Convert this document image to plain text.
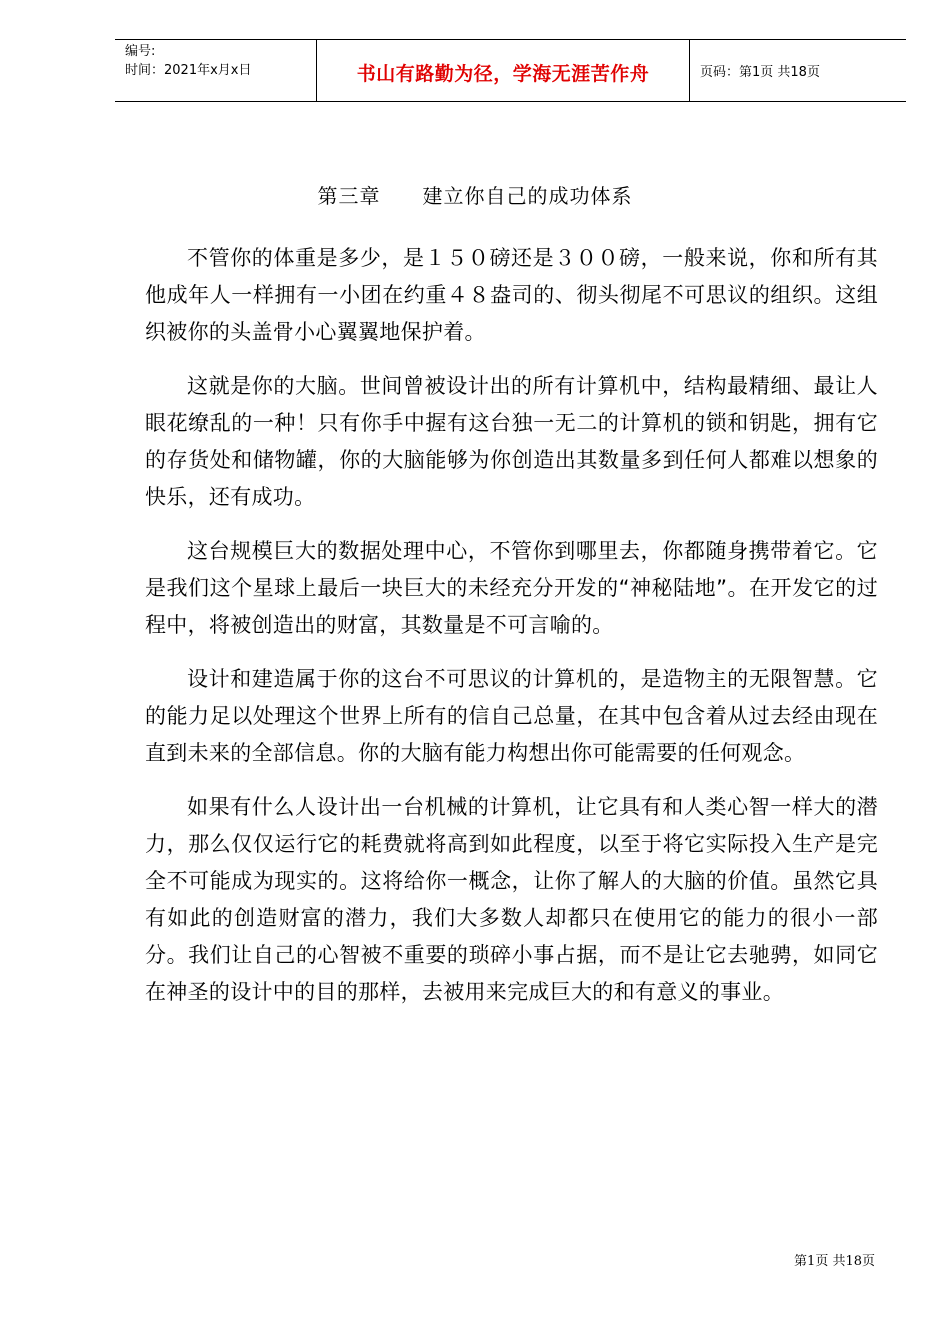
编号:
时间：2021年x月x日	书山有路勤为径，学海无涯苦作舟	页码：第1页 共18页
第三章　　建立你自己的成功体系

不管你的体重是多少，是１５０磅还是３００磅，一般来说，你和所有其他成年人一样拥有一小团在约重４８盎司的、彻头彻尾不可思议的组织。这组织被你的头盖骨小心翼翼地保护着。

这就是你的大脑。世间曾被设计出的所有计算机中，结构最精细、最让人眼花缭乱的一种！只有你手中握有这台独一无二的计算机的锁和钥匙，拥有它的存货处和储物罐，你的大脑能够为你创造出其数量多到任何人都难以想象的快乐，还有成功。

这台规模巨大的数据处理中心，不管你到哪里去，你都随身携带着它。它是我们这个星球上最后一块巨大的未经充分开发的“神秘陆地”。在开发它的过程中，将被创造出的财富，其数量是不可言喻的。

设计和建造属于你的这台不可思议的计算机的，是造物主的无限智慧。它的能力足以处理这个世界上所有的信自己总量，在其中包含着从过去经由现在直到未来的全部信息。你的大脑有能力构想出你可能需要的任何观念。

如果有什么人设计出一台机械的计算机，让它具有和人类心智一样大的潜力，那么仅仅运行它的耗费就将高到如此程度，以至于将它实际投入生产是完全不可能成为现实的。这将给你一概念，让你了解人的大脑的价值。虽然它具有如此的创造财富的潜力，我们大多数人却都只在使用它的能力的很小一部分。我们让自己的心智被不重要的琐碎小事占据，而不是让它去驰骋，如同它在神圣的设计中的目的那样，去被用来完成巨大的和有意义的事业。

第1页 共18页
